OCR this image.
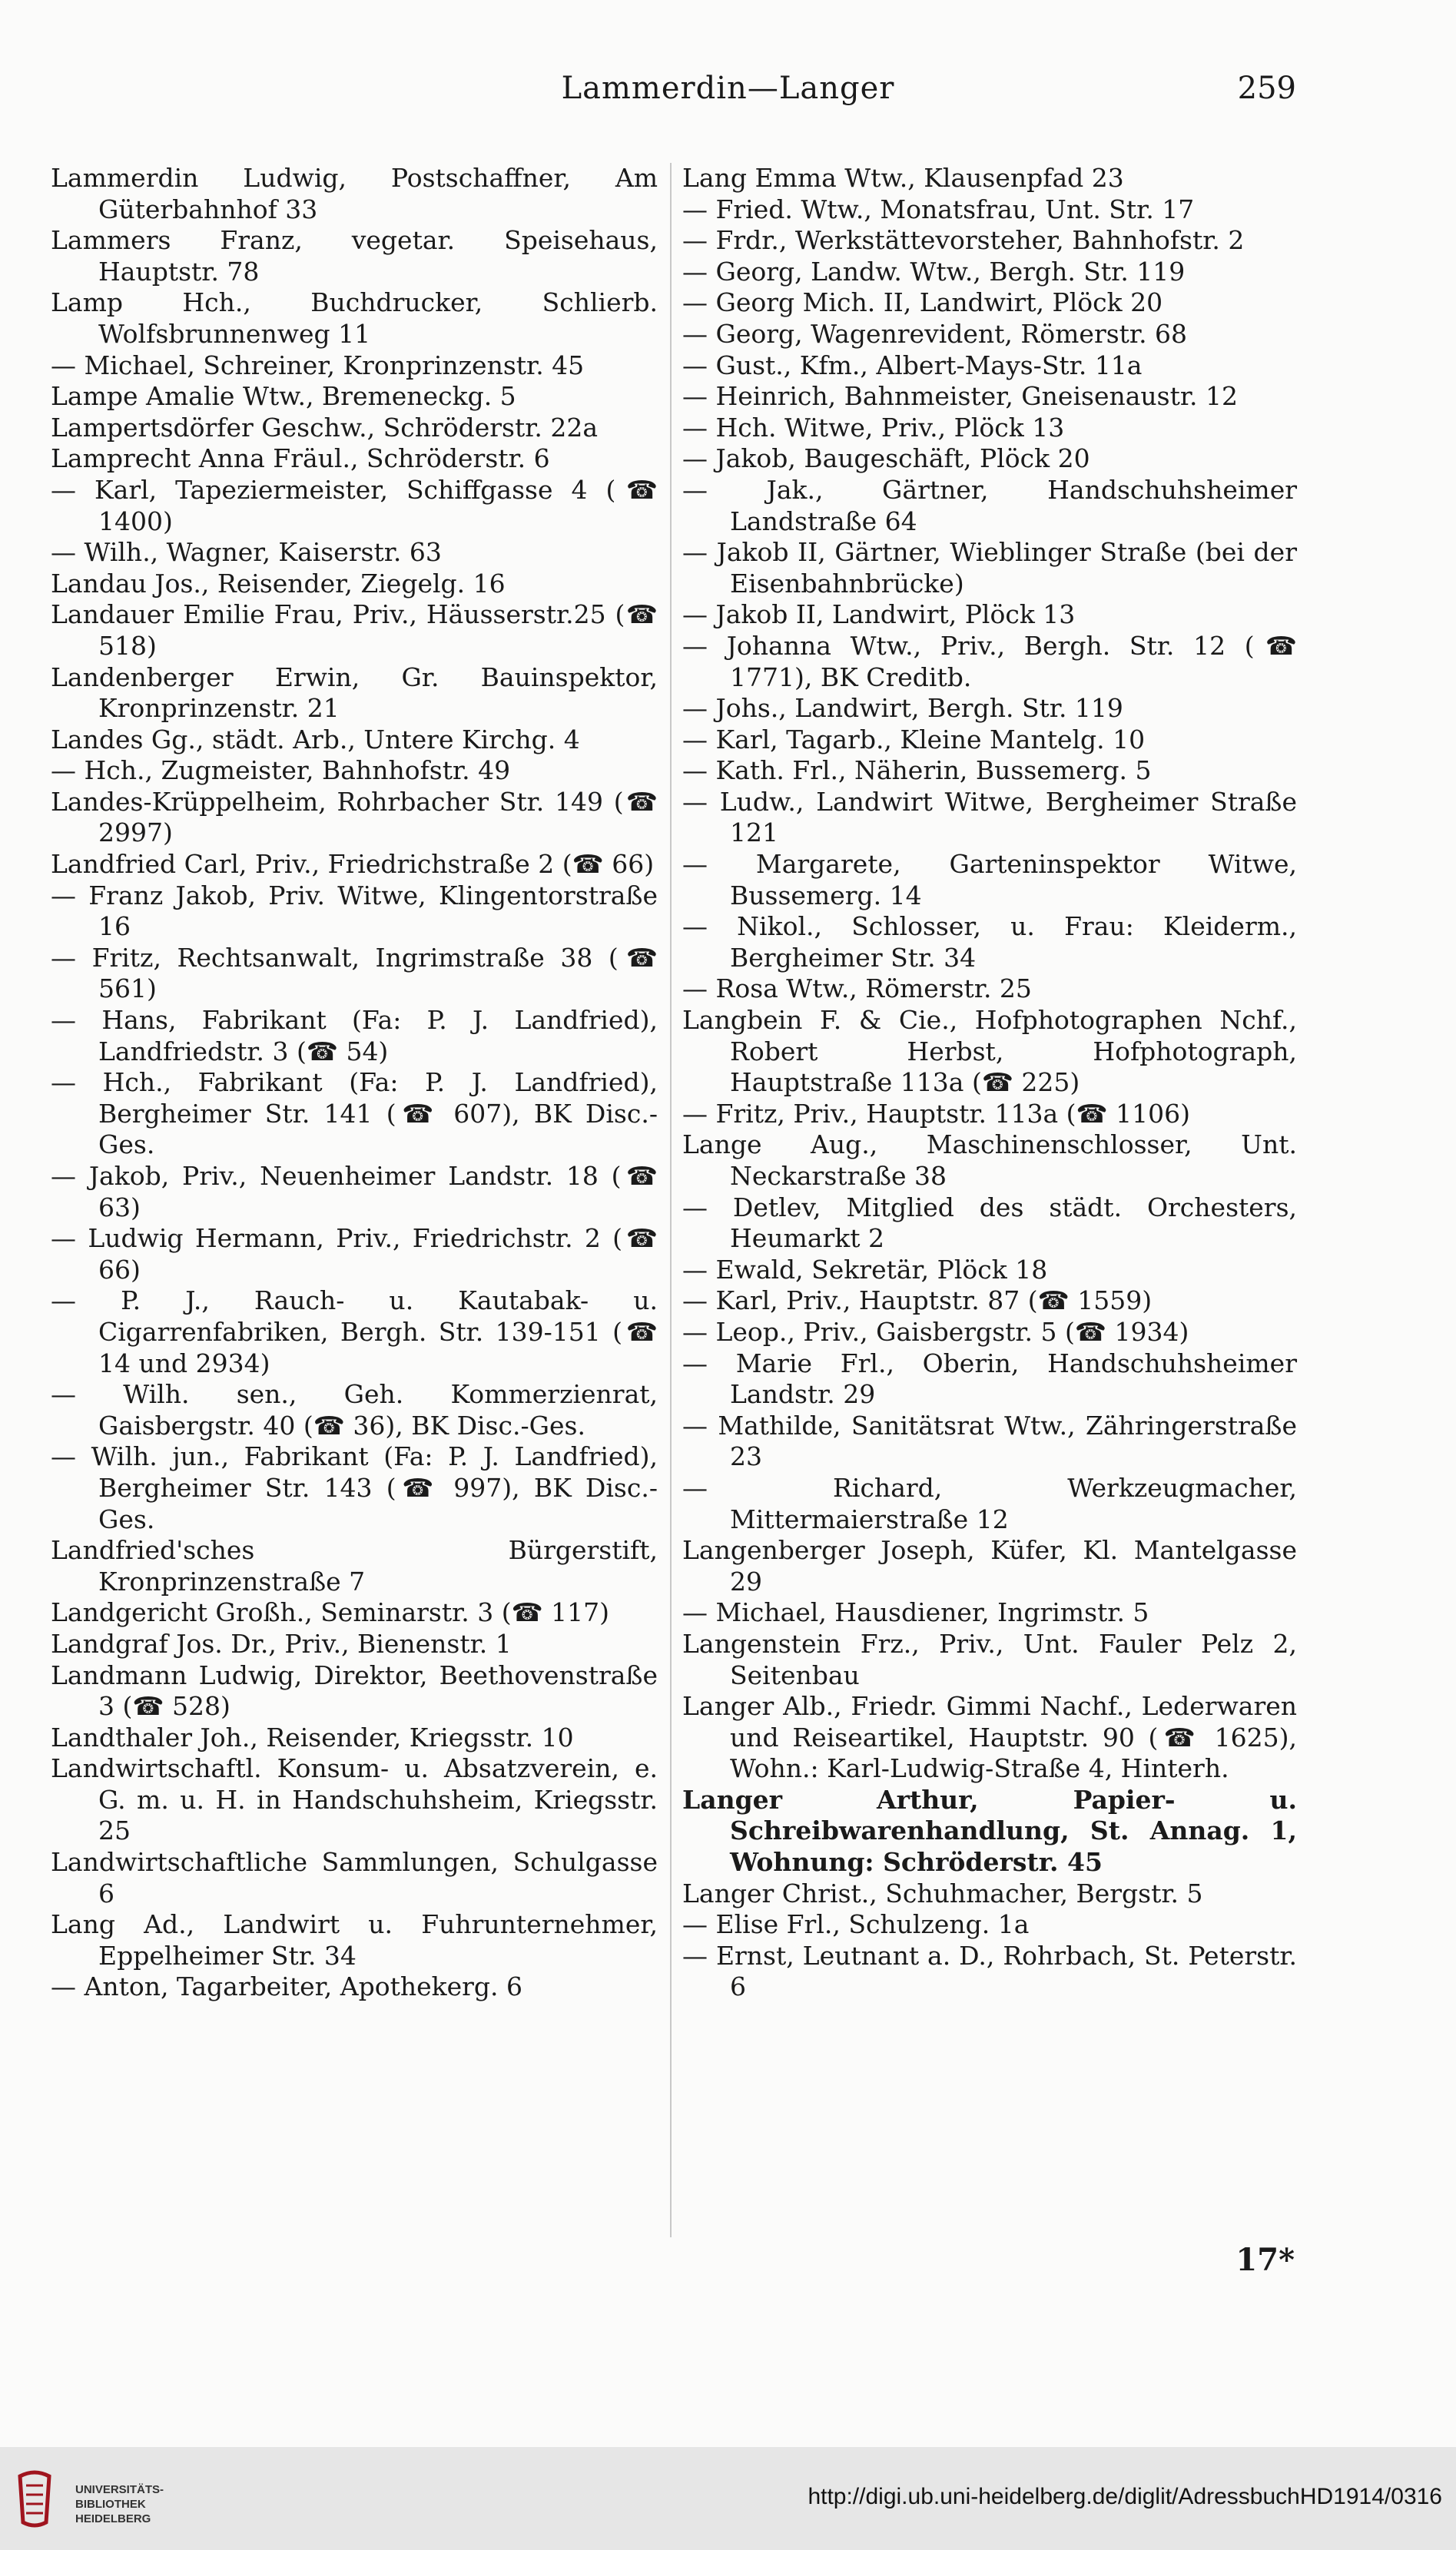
Lammerdin—Langer	259

Lammerdin Ludwig, Postschaffner, Am Güterbahnhof 33

Lammers Franz, vegetar. Speisehaus, Hauptstr. 78

Lamp Hch., Buchdrucker, Schlierb. Wolfsbrunnenweg 11

— Michael, Schreiner, Kronprinzenstr. 45

Lampe Amalie Wtw., Bremeneckg. 5

Lampertsdörfer Geschw., Schröderstr. 22a

Lamprecht Anna Fräul., Schröderstr. 6

— Karl, Tapeziermeister, Schiffgasse 4 (☎ 1400)

— Wilh., Wagner, Kaiserstr. 63

Landau Jos., Reisender, Ziegelg. 16

Landauer Emilie Frau, Priv., Häusserstr.25 (☎ 518)

Landenberger Erwin, Gr. Bauinspektor, Kronprinzenstr. 21

Landes Gg., städt. Arb., Untere Kirchg. 4

— Hch., Zugmeister, Bahnhofstr. 49

Landes-Krüppelheim, Rohrbacher Str. 149 (☎ 2997)

Landfried Carl, Priv., Friedrichstraße 2 (☎ 66)

— Franz Jakob, Priv. Witwe, Klingentorstraße 16

— Fritz, Rechtsanwalt, Ingrimstraße 38 (☎ 561)

— Hans, Fabrikant (Fa: P. J. Landfried), Landfriedstr. 3 (☎ 54)

— Hch., Fabrikant (Fa: P. J. Landfried), Bergheimer Str. 141 (☎ 607), BK Disc.-Ges.

— Jakob, Priv., Neuenheimer Landstr. 18 (☎ 63)

— Ludwig Hermann, Priv., Friedrichstr. 2 (☎ 66)

— P. J., Rauch- u. Kautabak- u. Cigarrenfabriken, Bergh. Str. 139-151 (☎ 14 und 2934)

— Wilh. sen., Geh. Kommerzienrat, Gaisbergstr. 40 (☎ 36), BK Disc.-Ges.

— Wilh. jun., Fabrikant (Fa: P. J. Landfried), Bergheimer Str. 143 (☎ 997), BK Disc.-Ges.

Landfried'sches Bürgerstift, Kronprinzenstraße 7

Landgericht Großh., Seminarstr. 3 (☎ 117)

Landgraf Jos. Dr., Priv., Bienenstr. 1

Landmann Ludwig, Direktor, Beethovenstraße 3 (☎ 528)

Landthaler Joh., Reisender, Kriegsstr. 10

Landwirtschaftl. Konsum- u. Absatzverein, e. G. m. u. H. in Handschuhsheim, Kriegsstr. 25

Landwirtschaftliche Sammlungen, Schulgasse 6

Lang Ad., Landwirt u. Fuhrunternehmer, Eppelheimer Str. 34

— Anton, Tagarbeiter, Apothekerg. 6

Lang Emma Wtw., Klausenpfad 23

— Fried. Wtw., Monatsfrau, Unt. Str. 17

— Frdr., Werkstättevorsteher, Bahnhofstr. 2

— Georg, Landw. Wtw., Bergh. Str. 119

— Georg Mich. II, Landwirt, Plöck 20

— Georg, Wagenrevident, Römerstr. 68

— Gust., Kfm., Albert-Mays-Str. 11a

— Heinrich, Bahnmeister, Gneisenaustr. 12

— Hch. Witwe, Priv., Plöck 13

— Jakob, Baugeschäft, Plöck 20

— Jak., Gärtner, Handschuhsheimer Landstraße 64

— Jakob II, Gärtner, Wieblinger Straße (bei der Eisenbahnbrücke)

— Jakob II, Landwirt, Plöck 13

— Johanna Wtw., Priv., Bergh. Str. 12 (☎ 1771), BK Creditb.

— Johs., Landwirt, Bergh. Str. 119

— Karl, Tagarb., Kleine Mantelg. 10

— Kath. Frl., Näherin, Bussemerg. 5

— Ludw., Landwirt Witwe, Bergheimer Straße 121

— Margarete, Garteninspektor Witwe, Bussemerg. 14

— Nikol., Schlosser, u. Frau: Kleiderm., Bergheimer Str. 34

— Rosa Wtw., Römerstr. 25

Langbein F. & Cie., Hofphotographen Nchf., Robert Herbst, Hofphotograph, Hauptstraße 113a (☎ 225)

— Fritz, Priv., Hauptstr. 113a (☎ 1106)

Lange Aug., Maschinenschlosser, Unt. Neckarstraße 38

— Detlev, Mitglied des städt. Orchesters, Heumarkt 2

— Ewald, Sekretär, Plöck 18

— Karl, Priv., Hauptstr. 87 (☎ 1559)

— Leop., Priv., Gaisbergstr. 5 (☎ 1934)

— Marie Frl., Oberin, Handschuhsheimer Landstr. 29

— Mathilde, Sanitätsrat Wtw., Zähringerstraße 23

— Richard, Werkzeugmacher, Mittermaierstraße 12

Langenberger Joseph, Küfer, Kl. Mantelgasse 29

— Michael, Hausdiener, Ingrimstr. 5

Langenstein Frz., Priv., Unt. Fauler Pelz 2, Seitenbau

Langer Alb., Friedr. Gimmi Nachf., Lederwaren und Reiseartikel, Hauptstr. 90 (☎ 1625), Wohn.: Karl-Ludwig-Straße 4, Hinterh.

Langer Arthur, Papier- u. Schreibwarenhandlung, St. Annag. 1, Wohnung: Schröderstr. 45

Langer Christ., Schuhmacher, Bergstr. 5

— Elise Frl., Schulzeng. 1a

— Ernst, Leutnant a. D., Rohrbach, St. Peterstr. 6

17*
UNIVERSITÄTS-
BIBLIOTHEK
HEIDELBERG
http://digi.ub.uni-heidelberg.de/diglit/AdressbuchHD1914/0316
